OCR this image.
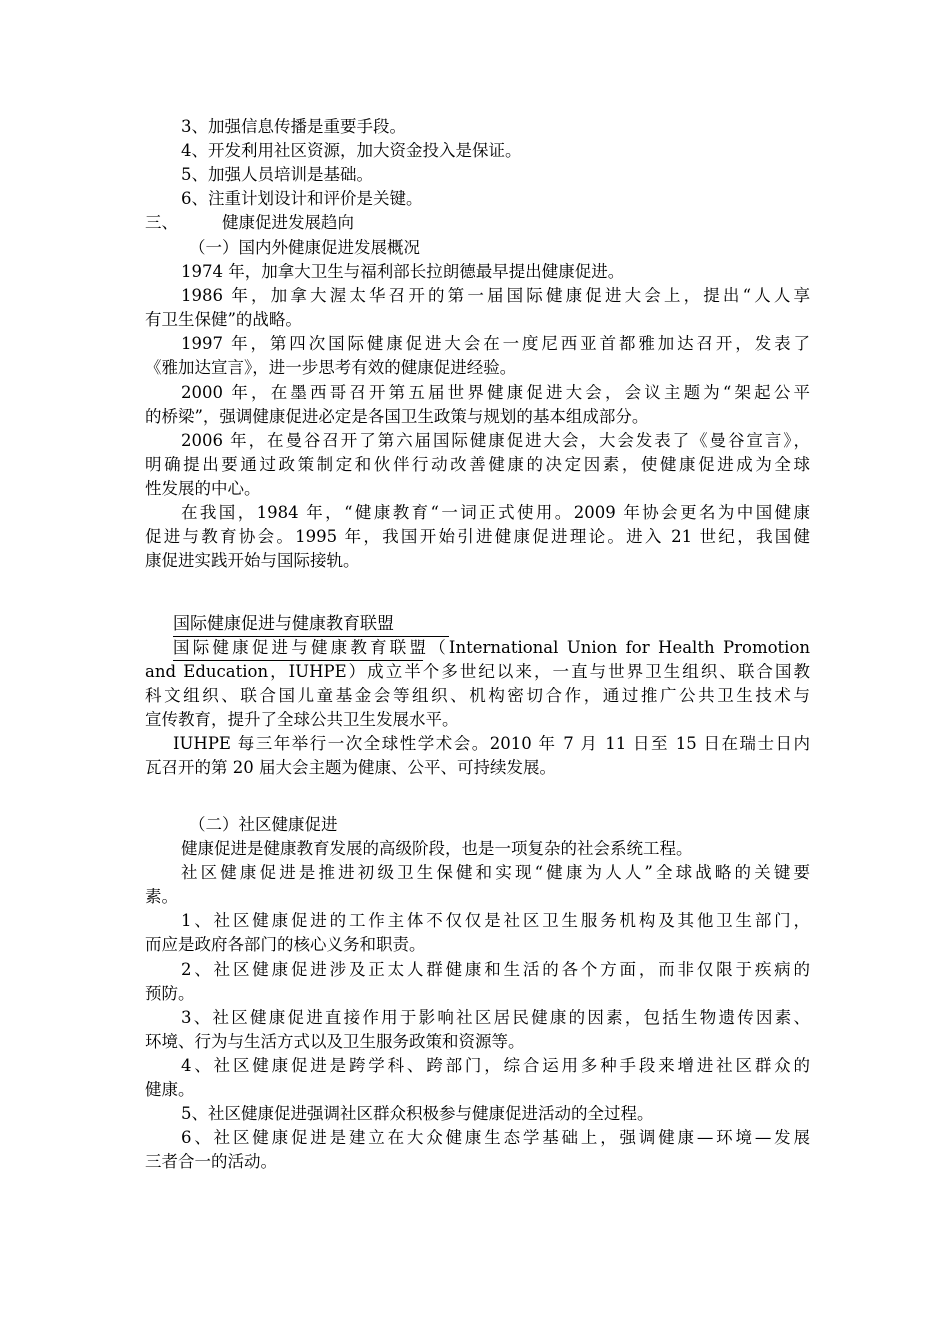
3、加强信息传播是重要手段。
4、开发利用社区资源，加大资金投入是保证。
5、加强人员培训是基础。
6、注重计划设计和评价是关键。
三、	健康促进发展趋向
（一）国内外健康促进发展概况
1974 年，加拿大卫生与福利部长拉朗德最早提出健康促进。
1986 年，加拿大渥太华召开的第一届国际健康促进大会上，提出“人人享
有卫生保健”的战略。
1997 年，第四次国际健康促进大会在一度尼西亚首都雅加达召开，发表了
《雅加达宣言》，进一步思考有效的健康促进经验。
2000 年，在墨西哥召开第五届世界健康促进大会，会议主题为“架起公平
的桥梁”，强调健康促进必定是各国卫生政策与规划的基本组成部分。
2006 年，在曼谷召开了第六届国际健康促进大会，大会发表了《曼谷宣言》，
明确提出要通过政策制定和伙伴行动改善健康的决定因素，使健康促进成为全球
性发展的中心。
在我国，1984 年，“健康教育“一词正式使用。2009 年协会更名为中国健康
促进与教育协会。1995 年，我国开始引进健康促进理论。进入 21 世纪，我国健
康促进实践开始与国际接轨。
国际健康促进与健康教育联盟
国际健康促进与健康教育联盟（International Union for Health Promotion
and Education，IUHPE）成立半个多世纪以来，一直与世界卫生组织、联合国教
科文组织、联合国儿童基金会等组织、机构密切合作，通过推广公共卫生技术与
宣传教育，提升了全球公共卫生发展水平。
IUHPE 每三年举行一次全球性学术会。2010 年 7 月 11 日至 15 日在瑞士日内
瓦召开的第 20 届大会主题为健康、公平、可持续发展。
（二）社区健康促进
健康促进是健康教育发展的高级阶段，也是一项复杂的社会系统工程。
社区健康促进是推进初级卫生保健和实现“健康为人人”全球战略的关键要
素。
1、社区健康促进的工作主体不仅仅是社区卫生服务机构及其他卫生部门，
而应是政府各部门的核心义务和职责。
2、社区健康促进涉及正太人群健康和生活的各个方面，而非仅限于疾病的
预防。
3、社区健康促进直接作用于影响社区居民健康的因素，包括生物遗传因素、
环境、行为与生活方式以及卫生服务政策和资源等。
4、社区健康促进是跨学科、跨部门，综合运用多种手段来增进社区群众的
健康。
5、社区健康促进强调社区群众积极参与健康促进活动的全过程。
6、社区健康促进是建立在大众健康生态学基础上，强调健康—环境—发展
三者合一的活动。
